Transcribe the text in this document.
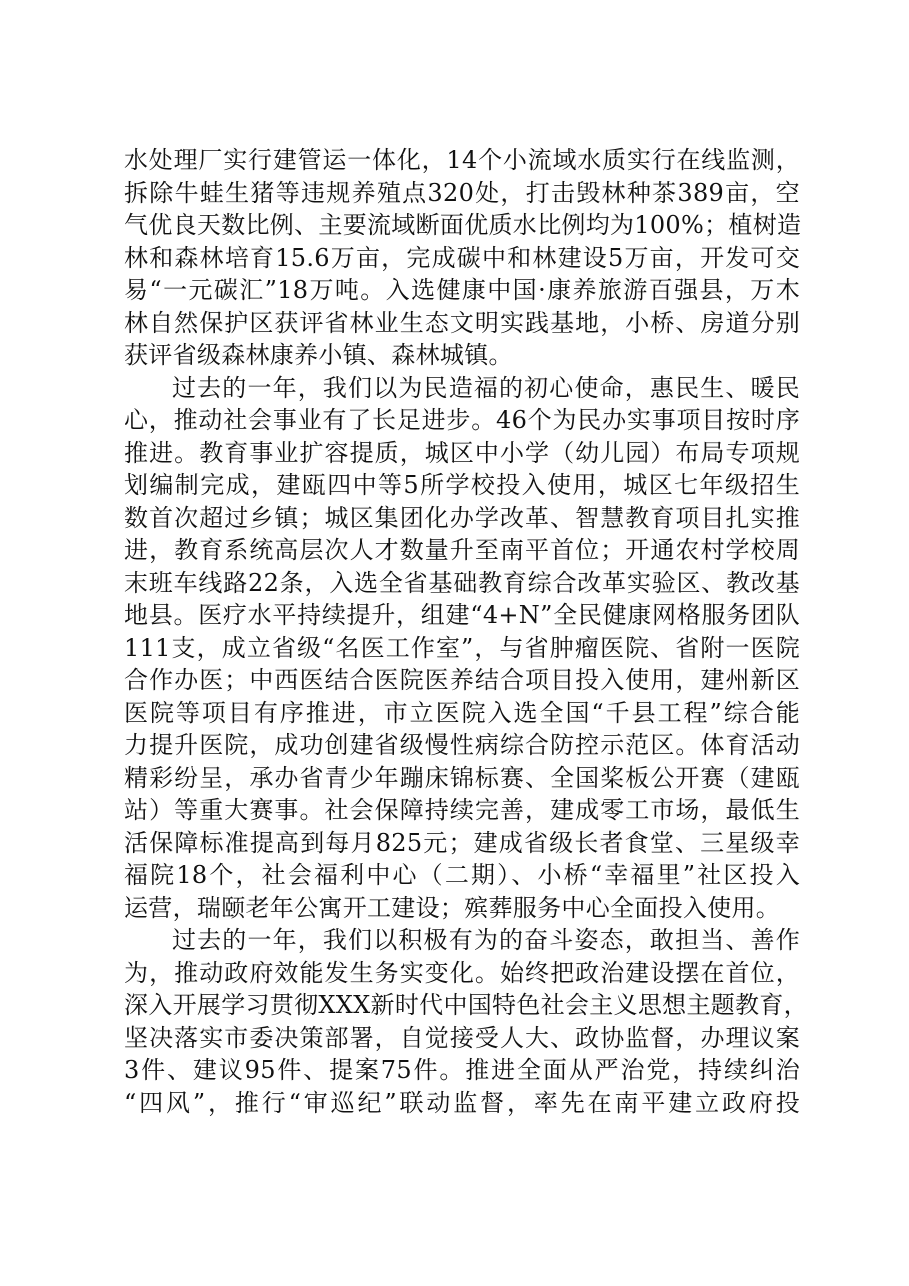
水处理厂实行建管运一体化，14个小流域水质实行在线监测，
拆除牛蛙生猪等违规养殖点320处，打击毁林种茶389亩，空
气优良天数比例、主要流域断面优质水比例均为100%；植树造
林和森林培育15.6万亩，完成碳中和林建设5万亩，开发可交
易“一元碳汇”18万吨。入选健康中国·康养旅游百强县，万木
林自然保护区获评省林业生态文明实践基地，小桥、房道分别
获评省级森林康养小镇、森林城镇。
过去的一年，我们以为民造福的初心使命，惠民生、暖民
心，推动社会事业有了长足进步。46个为民办实事项目按时序
推进。教育事业扩容提质，城区中小学（幼儿园）布局专项规
划编制完成，建瓯四中等5所学校投入使用，城区七年级招生
数首次超过乡镇；城区集团化办学改革、智慧教育项目扎实推
进，教育系统高层次人才数量升至南平首位；开通农村学校周
末班车线路22条，入选全省基础教育综合改革实验区、教改基
地县。医疗水平持续提升，组建“4+N”全民健康网格服务团队
111支，成立省级“名医工作室”，与省肿瘤医院、省附一医院
合作办医；中西医结合医院医养结合项目投入使用，建州新区
医院等项目有序推进，市立医院入选全国“千县工程”综合能
力提升医院，成功创建省级慢性病综合防控示范区。体育活动
精彩纷呈，承办省青少年蹦床锦标赛、全国桨板公开赛（建瓯
站）等重大赛事。社会保障持续完善，建成零工市场，最低生
活保障标准提高到每月825元；建成省级长者食堂、三星级幸
福院18个，社会福利中心（二期）、小桥“幸福里”社区投入
运营，瑞颐老年公寓开工建设；殡葬服务中心全面投入使用。
过去的一年，我们以积极有为的奋斗姿态，敢担当、善作
为，推动政府效能发生务实变化。始终把政治建设摆在首位，
深入开展学习贯彻XXX新时代中国特色社会主义思想主题教育，
坚决落实市委决策部署，自觉接受人大、政协监督，办理议案
3件、建议95件、提案75件。推进全面从严治党，持续纠治
“四风”，推行“审巡纪”联动监督，率先在南平建立政府投
